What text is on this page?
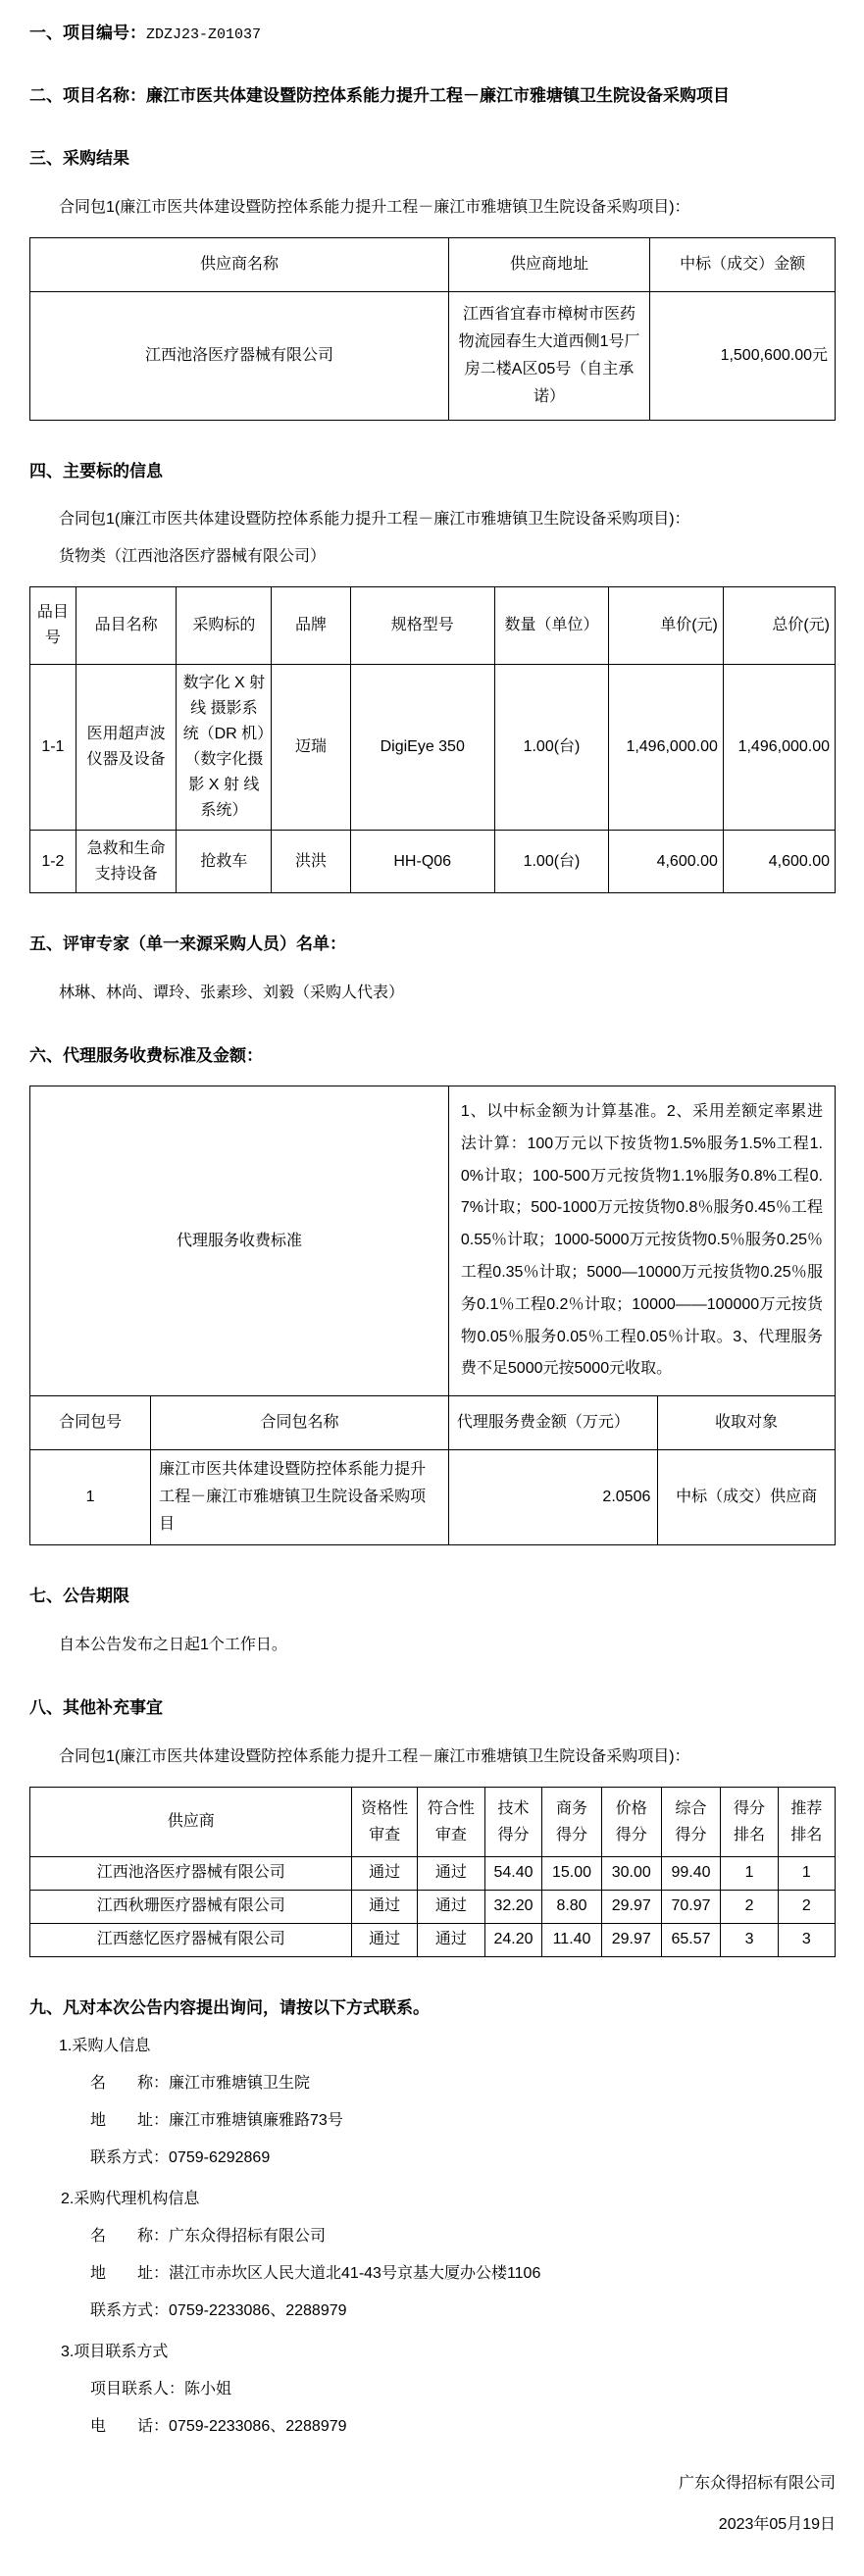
一、项目编号：ZDZJ23-Z01037
二、项目名称：廉江市医共体建设暨防控体系能力提升工程－廉江市雅塘镇卫生院设备采购项目
三、采购结果
合同包1(廉江市医共体建设暨防控体系能力提升工程－廉江市雅塘镇卫生院设备采购项目)：
供应商名称	供应商地址	中标（成交）金额
江西池洛医疗器械有限公司	江西省宜春市樟树市医药物流园春生大道西侧1号厂房二楼A区05号（自主承诺）	1,500,600.00元
四、主要标的信息
合同包1(廉江市医共体建设暨防控体系能力提升工程－廉江市雅塘镇卫生院设备采购项目)：
货物类（江西池洛医疗器械有限公司）
品目号	品目名称	采购标的	品牌	规格型号	数量（单位）	单价(元)	总价(元)
1-1	医用超声波仪器及设备	数字化 X 射线 摄影系 统（DR 机）（数字化摄 影 X 射 线系统）	迈瑞	DigiEye 350	1.00(台)	1,496,000.00	1,496,000.00
1-2	急救和生命支持设备	抢救车	洪洪	HH-Q06	1.00(台)	4,600.00	4,600.00
五、评审专家（单一来源采购人员）名单：
林琳、林尚、谭玲、张素珍、刘毅（采购人代表）
六、代理服务收费标准及金额：
代理服务收费标准		1、以中标金额为计算基准。2、采用差额定率累进法计算：100万元以下按货物1.5%服务1.5%工程1.0%计取；100-500万元按货物1.1%服务0.8%工程0.7%计取；500-1000万元按货物0.8％服务0.45％工程0.55％计取；1000-5000万元按货物0.5％服务0.25％工程0.35％计取；5000—10000万元按货物0.25％服务0.1％工程0.2％计取；10000——100000万元按货物0.05％服务0.05％工程0.05％计取。3、代理服务费不足5000元按5000元收取。	
合同包号	合同包名称	代理服务费金额（万元）	收取对象
1	廉江市医共体建设暨防控体系能力提升工程－廉江市雅塘镇卫生院设备采购项目	2.0506	中标（成交）供应商
七、公告期限
自本公告发布之日起1个工作日。
八、其他补充事宜
合同包1(廉江市医共体建设暨防控体系能力提升工程－廉江市雅塘镇卫生院设备采购项目)：
供应商	资格性审查	符合性审查	技术得分	商务得分	价格得分	综合得分	得分排名	推荐排名
江西池洛医疗器械有限公司	通过	通过	54.40	15.00	30.00	99.40	1	1
江西秋珊医疗器械有限公司	通过	通过	32.20	8.80	29.97	70.97	2	2
江西慈忆医疗器械有限公司	通过	通过	24.20	11.40	29.97	65.57	3	3
九、凡对本次公告内容提出询问，请按以下方式联系。
1.采购人信息
名　　称：廉江市雅塘镇卫生院
地　　址：廉江市雅塘镇廉雅路73号
联系方式：0759-6292869
2.采购代理机构信息
名　　称：广东众得招标有限公司
地　　址：湛江市赤坎区人民大道北41-43号京基大厦办公楼1106
联系方式：0759-2233086、2288979
3.项目联系方式
项目联系人：陈小姐
电　　话：0759-2233086、2288979
广东众得招标有限公司
2023年05月19日
